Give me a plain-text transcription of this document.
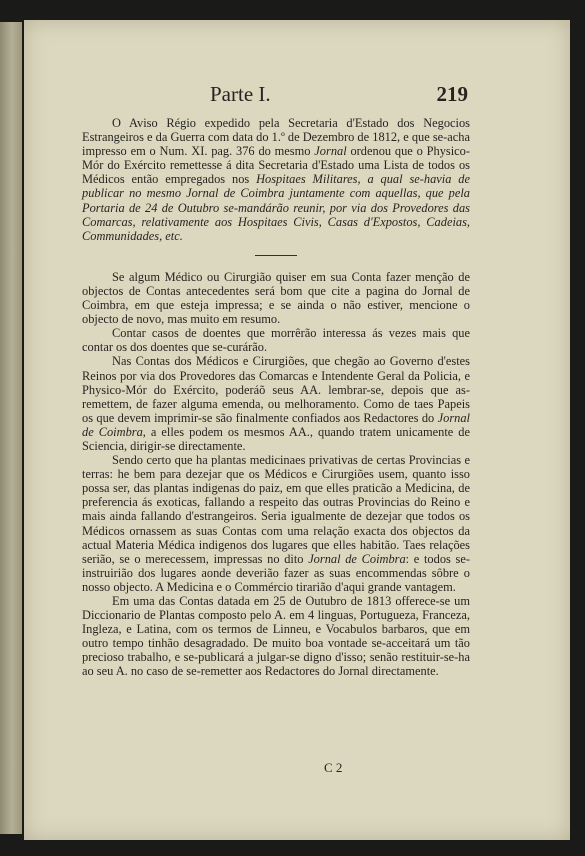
Parte I.	219

O Aviso Régio expedido pela Secretaria d'Estado dos Negocios Estrangeiros e da Guerra com data do 1.º de Dezembro de 1812, e que se-acha impresso em o Num. XI. pag. 376 do mesmo Jornal ordenou que o Physico-Mór do Exército remettesse á dita Secretaria d'Estado uma Lista de todos os Médicos então empregados nos Hospitaes Militares, a qual se-havia de publicar no mesmo Jornal de Coimbra juntamente com aquellas, que pela Portaria de 24 de Outubro se-mandárão reunir, por via dos Provedores das Comarcas, relativamente aos Hospitaes Civis, Casas d'Expostos, Cadeias, Communidades, etc.

Se algum Médico ou Cirurgião quiser em sua Conta fazer menção de objectos de Contas antecedentes será bom que cite a pagina do Jornal de Coimbra, em que esteja impressa; e se ainda o não estiver, mencione o objecto de novo, mas muito em resumo.

Contar casos de doentes que morrêrão interessa ás vezes mais que contar os dos doentes que se-curárão.

Nas Contas dos Médicos e Cirurgiões, que chegão ao Governo d'estes Reinos por via dos Provedores das Comarcas e Intendente Geral da Policia, e Physico-Mór do Exército, poderáõ seus AA. lembrar-se, depois que as-remettem, de fazer alguma emenda, ou melhoramento. Como de taes Papeis os que devem imprimir-se são finalmente confiados aos Redactores do Jornal de Coimbra, a elles podem os mesmos AA., quando tratem unicamente de Sciencia, dirigir-se directamente.

Sendo certo que ha plantas medicinaes privativas de certas Provincias e terras: he bem para dezejar que os Médicos e Cirurgiões usem, quanto isso possa ser, das plantas indigenas do paiz, em que elles praticão a Medicina, de preferencia ás exoticas, fallando a respeito das outras Provincias do Reino e mais ainda fallando d'estrangeiros. Seria igualmente de dezejar que todos os Médicos ornassem as suas Contas com uma relação exacta dos objectos da actual Materia Médica indigenos dos lugares que elles habitão. Taes relações serião, se o merecessem, impressas no dito Jornal de Coimbra: e todos se-instruirião dos lugares aonde deverião fazer as suas encommendas sôbre o nosso objecto. A Medicina e o Commércio tirarião d'aqui grande vantagem.

Em uma das Contas datada em 25 de Outubro de 1813 offerece-se um Diccionario de Plantas composto pelo A. em 4 linguas, Portugueza, Franceza, Ingleza, e Latina, com os termos de Linneu, e Vocabulos barbaros, que em outro tempo tinhão desagradado. De muito boa vontade se-acceitará um tão precioso trabalho, e se-publicará a julgar-se digno d'isso; senão restituir-se-ha ao seu A. no caso de se-remetter aos Redactores do Jornal directamente.

C 2
